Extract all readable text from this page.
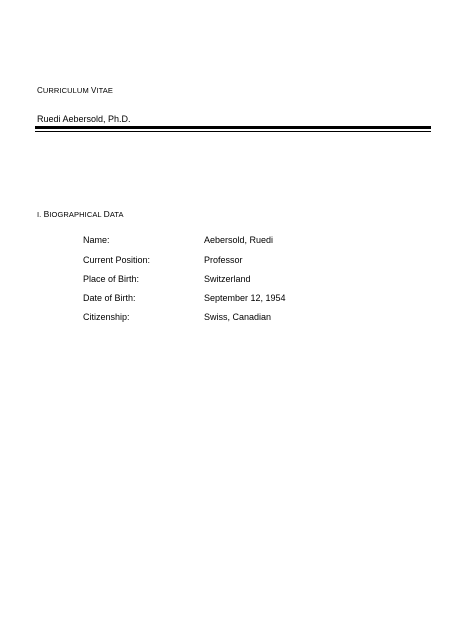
CURRICULUM VITAE
Ruedi Aebersold, Ph.D.
I. BIOGRAPHICAL DATA
Name:	Aebersold, Ruedi
Current Position:	Professor
Place of Birth:	Switzerland
Date of Birth:	September 12, 1954
Citizenship:	Swiss, Canadian
